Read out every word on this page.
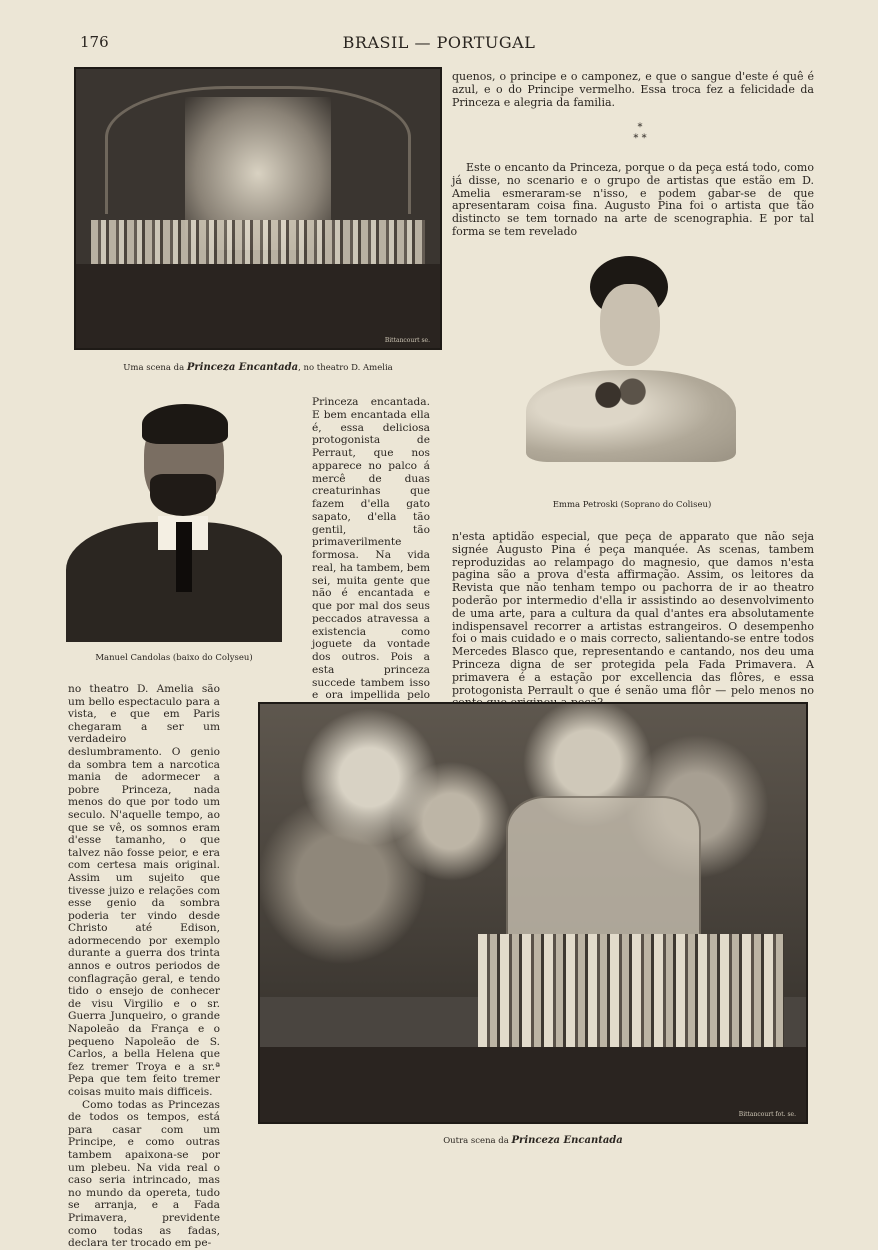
176	BRASIL — PORTUGAL
Bittancourt se.
Uma scena da Princeza Encantada, no theatro D. Amelia

quenos, o principe e o camponez, e que o sangue d'este é quê é azul, e o do Principe vermelho. Essa troca fez a felicidade da Princeza e alegria da familia.

*
* *

Este o encanto da Princeza, porque o da peça está todo, como já disse, no scenario e o grupo de artistas que estão em D. Amelia esmeraram-se n'isso, e podem gabar-se de que apresentaram coisa fina. Augusto Pina foi o artista que tão distincto se tem tornado na arte de scenographia. E por tal forma se tem revelado

Emma Petroski (Soprano do Coliseu)
Manuel Candolas (baixo do Colyseu)

Princeza encantada. E bem encantada ella é, essa deliciosa protogonista de Perraut, que nos apparece no palco á mercê de duas creaturinhas que fazem d'ella gato sapato, d'ella tão gentil, tão primaverilmente formosa. Na vida real, ha tambem, bem sei, muita gente que não é encantada e que por mal dos seus peccados atravessa a existencia como joguete da vontade dos outros. Pois a esta princeza succede tambem isso e ora impellida pelo

n'esta aptidão especial, que peça de apparato que não seja signée Augusto Pina é peça manquée. As scenas, tambem reproduzidas ao relampago do magnesio, que damos n'esta pagina são a prova d'esta affirmação. Assim, os leitores da Revista que não tenham tempo ou pachorra de ir ao theatro poderão por intermedio d'ella ir assistindo ao desenvolvimento de uma arte, para a cultura da qual d'antes era absolutamente indispensavel recorrer a artistas estrangeiros. O desempenho foi o mais cuidado e o mais correcto, salientando-se entre todos Mercedes Blasco que, representando e cantando, nos deu uma Princeza digna de ser protegida pela Fada Primavera. A primavera é a estação por excellencia das flôres, e essa protogonista Perrault o que é senão uma flôr — pelo menos no

no theatro D. Amelia são um bello espectaculo para a vista, e que em Paris chegaram a ser um verdadeiro deslumbramento. O genio da sombra tem a narcotica mania de adormecer a pobre Princeza, nada menos do que por todo um seculo. N'aquelle tempo, ao que se vê, os somnos eram d'esse tamanho, o que talvez não fosse peior, e era com certesa mais original. Assim um sujeito que tivesse juizo e relações com esse genio da sombra poderia ter vindo desde Christo até Edison, adormecendo por exemplo durante a guerra dos trinta annos e outros periodos de conflagração geral, e tendo tido o ensejo de conhecer de visu Virgilio e o sr. Guerra Junqueiro, o grande Napoleão da França e o pequeno Napoleão de S. Carlos, a bella Helena que fez tremer Troya e a sr.ª Pepa que tem feito tremer coisas muito mais difficeis.

Como todas as Princezas de todos os tempos, está para casar com um Principe, e como outras tambem apaixona-se por um plebeu. Na vida real o caso seria intrincado, mas no mundo da opereta, tudo se arranja, e a Fada Primavera, previdente como todas as fadas, declara ter trocado em pe-

Bittancourt fot. se.
Outra scena da Princeza Encantada
